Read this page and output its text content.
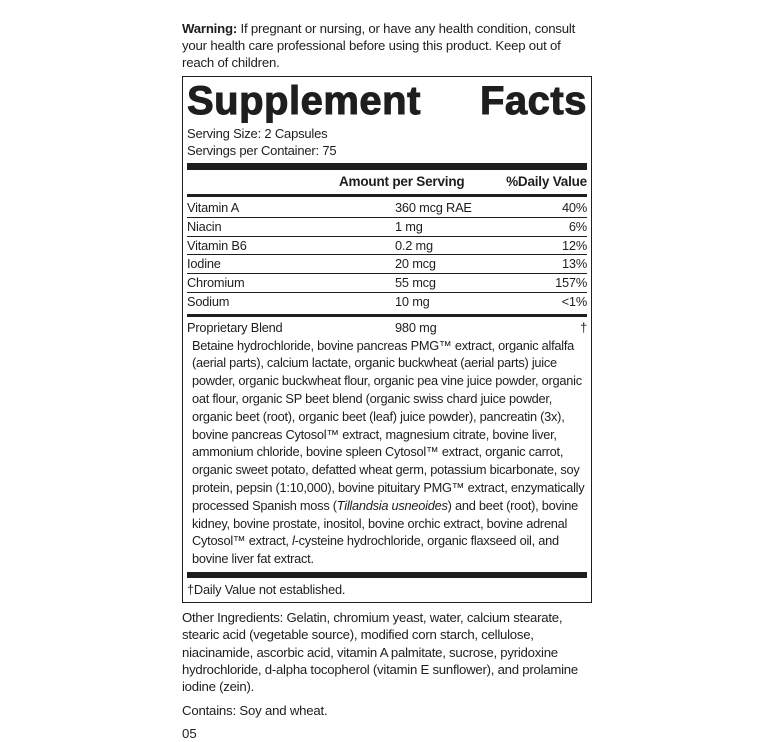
Warning: If pregnant or nursing, or have any health condition, consult your health care professional before using this product. Keep out of reach of children.
Supplement Facts
Serving Size: 2 Capsules
Servings per Container: 75
Amount per Serving	%Daily Value
Vitamin A	360 mcg RAE	40%
Niacin	1 mg	6%
Vitamin B6	0.2 mg	12%
Iodine	20 mcg	13%
Chromium	55 mcg	157%
Sodium	10 mg	<1%
Proprietary Blend	980 mg	†
Betaine hydrochloride, bovine pancreas PMG™ extract, organic alfalfa (aerial parts), calcium lactate, organic buckwheat (aerial parts) juice powder, organic buckwheat flour, organic pea vine juice powder, organic oat flour, organic SP beet blend (organic swiss chard juice powder, organic beet (root), organic beet (leaf) juice powder), pancreatin (3x), bovine pancreas Cytosol™ extract, magnesium citrate, bovine liver, ammonium chloride, bovine spleen Cytosol™ extract, organic carrot, organic sweet potato, defatted wheat germ, potassium bicarbonate, soy protein, pepsin (1:10,000), bovine pituitary PMG™ extract, enzymatically processed Spanish moss (Tillandsia usneoides) and beet (root), bovine kidney, bovine prostate, inositol, bovine orchic extract, bovine adrenal Cytosol™ extract, l-cysteine hydrochloride, organic flaxseed oil, and bovine liver fat extract.
†Daily Value not established.
Other Ingredients: Gelatin, chromium yeast, water, calcium stearate, stearic acid (vegetable source), modified corn starch, cellulose, niacinamide, ascorbic acid, vitamin A palmitate, sucrose, pyridoxine hydrochloride, d-alpha tocopherol (vitamin E sunflower), and prolamine iodine (zein).
Contains: Soy and wheat.
05
